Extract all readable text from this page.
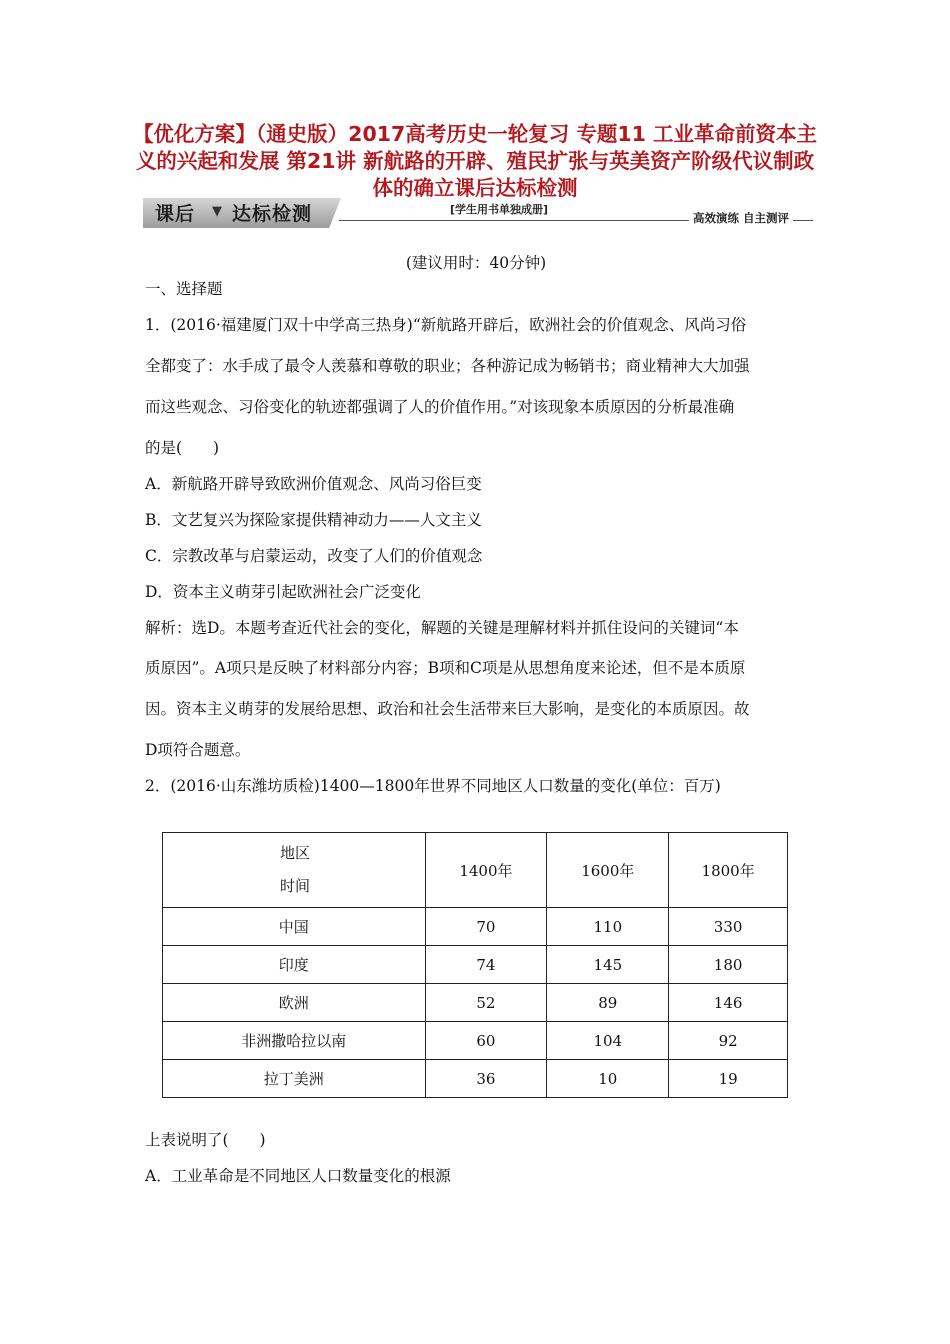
【优化方案】（通史版）2017高考历史一轮复习 专题11 工业革命前资本主义的兴起和发展 第21讲 新航路的开辟、殖民扩张与英美资产阶级代议制政体的确立课后达标检测
课后 ▼ 达标检测	[学生用书单独成册]
高效演练 自主测评
(建议用时：40分钟)
一、选择题
1．(2016·福建厦门双十中学高三热身)“新航路开辟后，欧洲社会的价值观念、风尚习俗
全都变了：水手成了最令人羡慕和尊敬的职业；各种游记成为畅销书；商业精神大大加强
而这些观念、习俗变化的轨迹都强调了人的价值作用。”对该现象本质原因的分析最准确
的是(　　)
A．新航路开辟导致欧洲价值观念、风尚习俗巨变
B．文艺复兴为探险家提供精神动力——人文主义
C．宗教改革与启蒙运动，改变了人们的价值观念
D．资本主义萌芽引起欧洲社会广泛变化
解析：选D。本题考查近代社会的变化，解题的关键是理解材料并抓住设问的关键词“本
质原因”。A项只是反映了材料部分内容；B项和C项是从思想角度来论述，但不是本质原
因。资本主义萌芽的发展给思想、政治和社会生活带来巨大影响，是变化的本质原因。故
D项符合题意。
2．(2016·山东潍坊质检)1400—1800年世界不同地区人口数量的变化(单位：百万)
地区
时间	1400年	1600年	1800年
中国	70	110	330
印度	74	145	180
欧洲	52	89	146
非洲撒哈拉以南	60	104	92
拉丁美洲	36	10	19
上表说明了(　　)
A．工业革命是不同地区人口数量变化的根源
